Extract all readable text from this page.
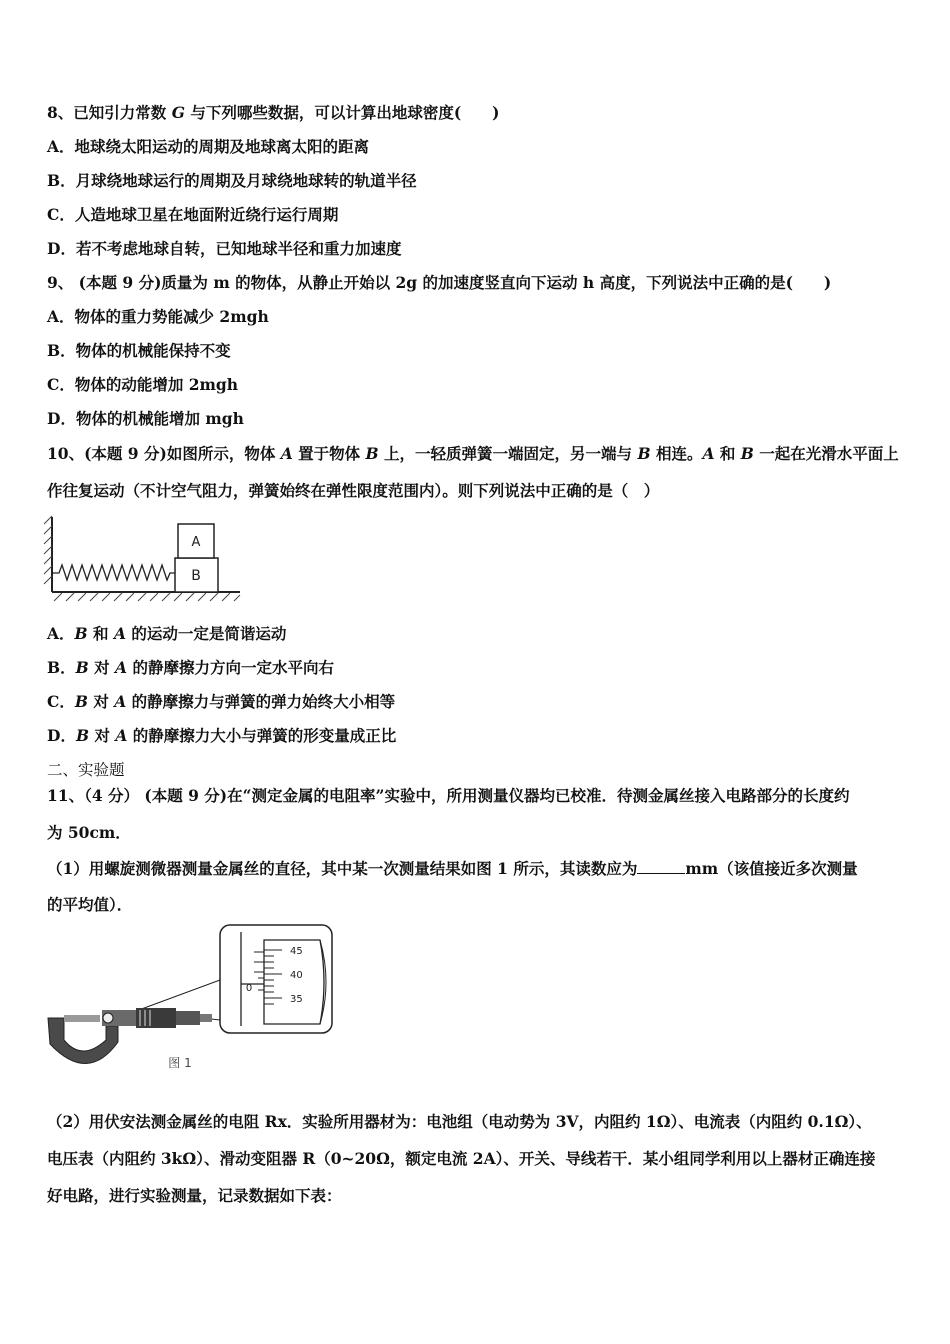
8、已知引力常数 G 与下列哪些数据，可以计算出地球密度(　　)
A．地球绕太阳运动的周期及地球离太阳的距离
B．月球绕地球运行的周期及月球绕地球转的轨道半径
C．人造地球卫星在地面附近绕行运行周期
D．若不考虑地球自转，已知地球半径和重力加速度
9、 (本题 9 分)质量为 m 的物体，从静止开始以 2g 的加速度竖直向下运动 h 高度，下列说法中正确的是(　　)
A．物体的重力势能减少 2mgh
B．物体的机械能保持不变
C．物体的动能增加 2mgh
D．物体的机械能增加 mgh
10、(本题 9 分)如图所示，物体 A 置于物体 B 上，一轻质弹簧一端固定，另一端与 B 相连。A 和 B 一起在光滑水平面上
作往复运动（不计空气阻力，弹簧始终在弹性限度范围内）。则下列说法中正确的是（　）
B
A
A．B 和 A 的运动一定是简谐运动
B．B 对 A 的静摩擦力方向一定水平向右
C．B 对 A 的静摩擦力与弹簧的弹力始终大小相等
D．B 对 A 的静摩擦力大小与弹簧的形变量成正比
二、实验题
11、（4 分） (本题 9 分)在“测定金属的电阻率”实验中，所用测量仪器均已校准．待测金属丝接入电路部分的长度约
为 50cm．
（1）用螺旋测微器测量金属丝的直径，其中某一次测量结果如图 1 所示，其读数应为	mm（该值接近多次测量
的平均值）．
0
45
40
35
图 1
（2）用伏安法测金属丝的电阻 Rx．实验所用器材为：电池组（电动势为 3V，内阻约 1Ω）、电流表（内阻约 0.1Ω）、
电压表（内阻约 3kΩ）、滑动变阻器 R（0~20Ω，额定电流 2A）、开关、导线若干．某小组同学利用以上器材正确连接
好电路，进行实验测量，记录数据如下表：
